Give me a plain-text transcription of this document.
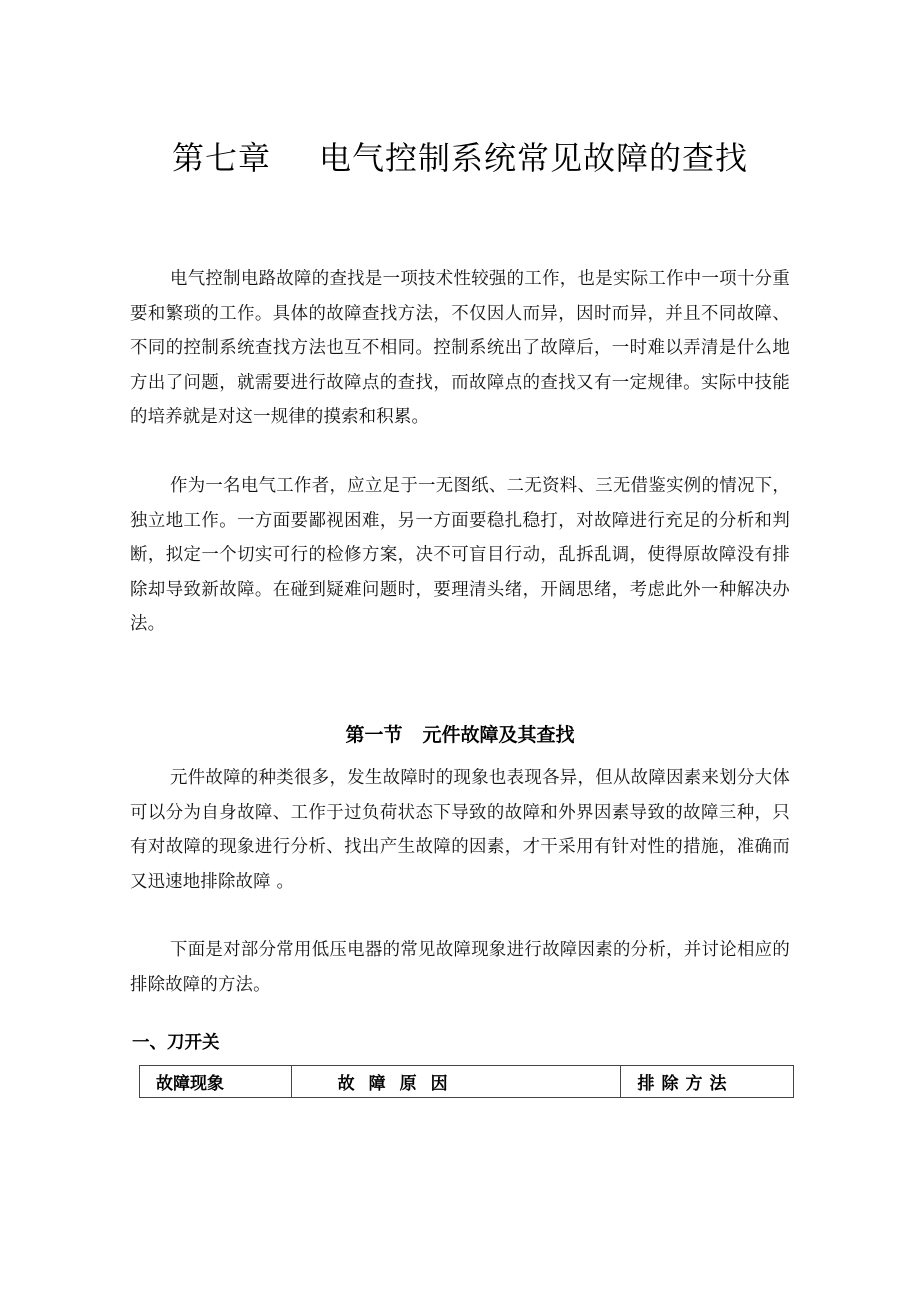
第七章 电气控制系统常见故障的查找

电气控制电路故障的查找是一项技术性较强的工作，也是实际工作中一项十分重要和繁琐的工作。具体的故障查找方法，不仅因人而异，因时而异，并且不同故障、不同的控制系统查找方法也互不相同。控制系统出了故障后，一时难以弄清是什么地方出了问题，就需要进行故障点的查找，而故障点的查找又有一定规律。实际中技能的培养就是对这一规律的摸索和积累。

作为一名电气工作者，应立足于一无图纸、二无资料、三无借鉴实例的情况下，独立地工作。一方面要鄙视困难，另一方面要稳扎稳打，对故障进行充足的分析和判断，拟定一个切实可行的检修方案，决不可盲目行动，乱拆乱调，使得原故障没有排除却导致新故障。在碰到疑难问题时，要理清头绪，开阔思绪，考虑此外一种解决办法。

第一节 元件故障及其查找

元件故障的种类很多，发生故障时的现象也表现各异，但从故障因素来划分大体可以分为自身故障、工作于过负荷状态下导致的故障和外界因素导致的故障三种，只有对故障的现象进行分析、找出产生故障的因素，才干采用有针对性的措施，准确而又迅速地排除故障 。

下面是对部分常用低压电器的常见故障现象进行故障因素的分析，并讨论相应的排除故障的方法。

一、刀开关
故障现象	故障原因	排除方法
